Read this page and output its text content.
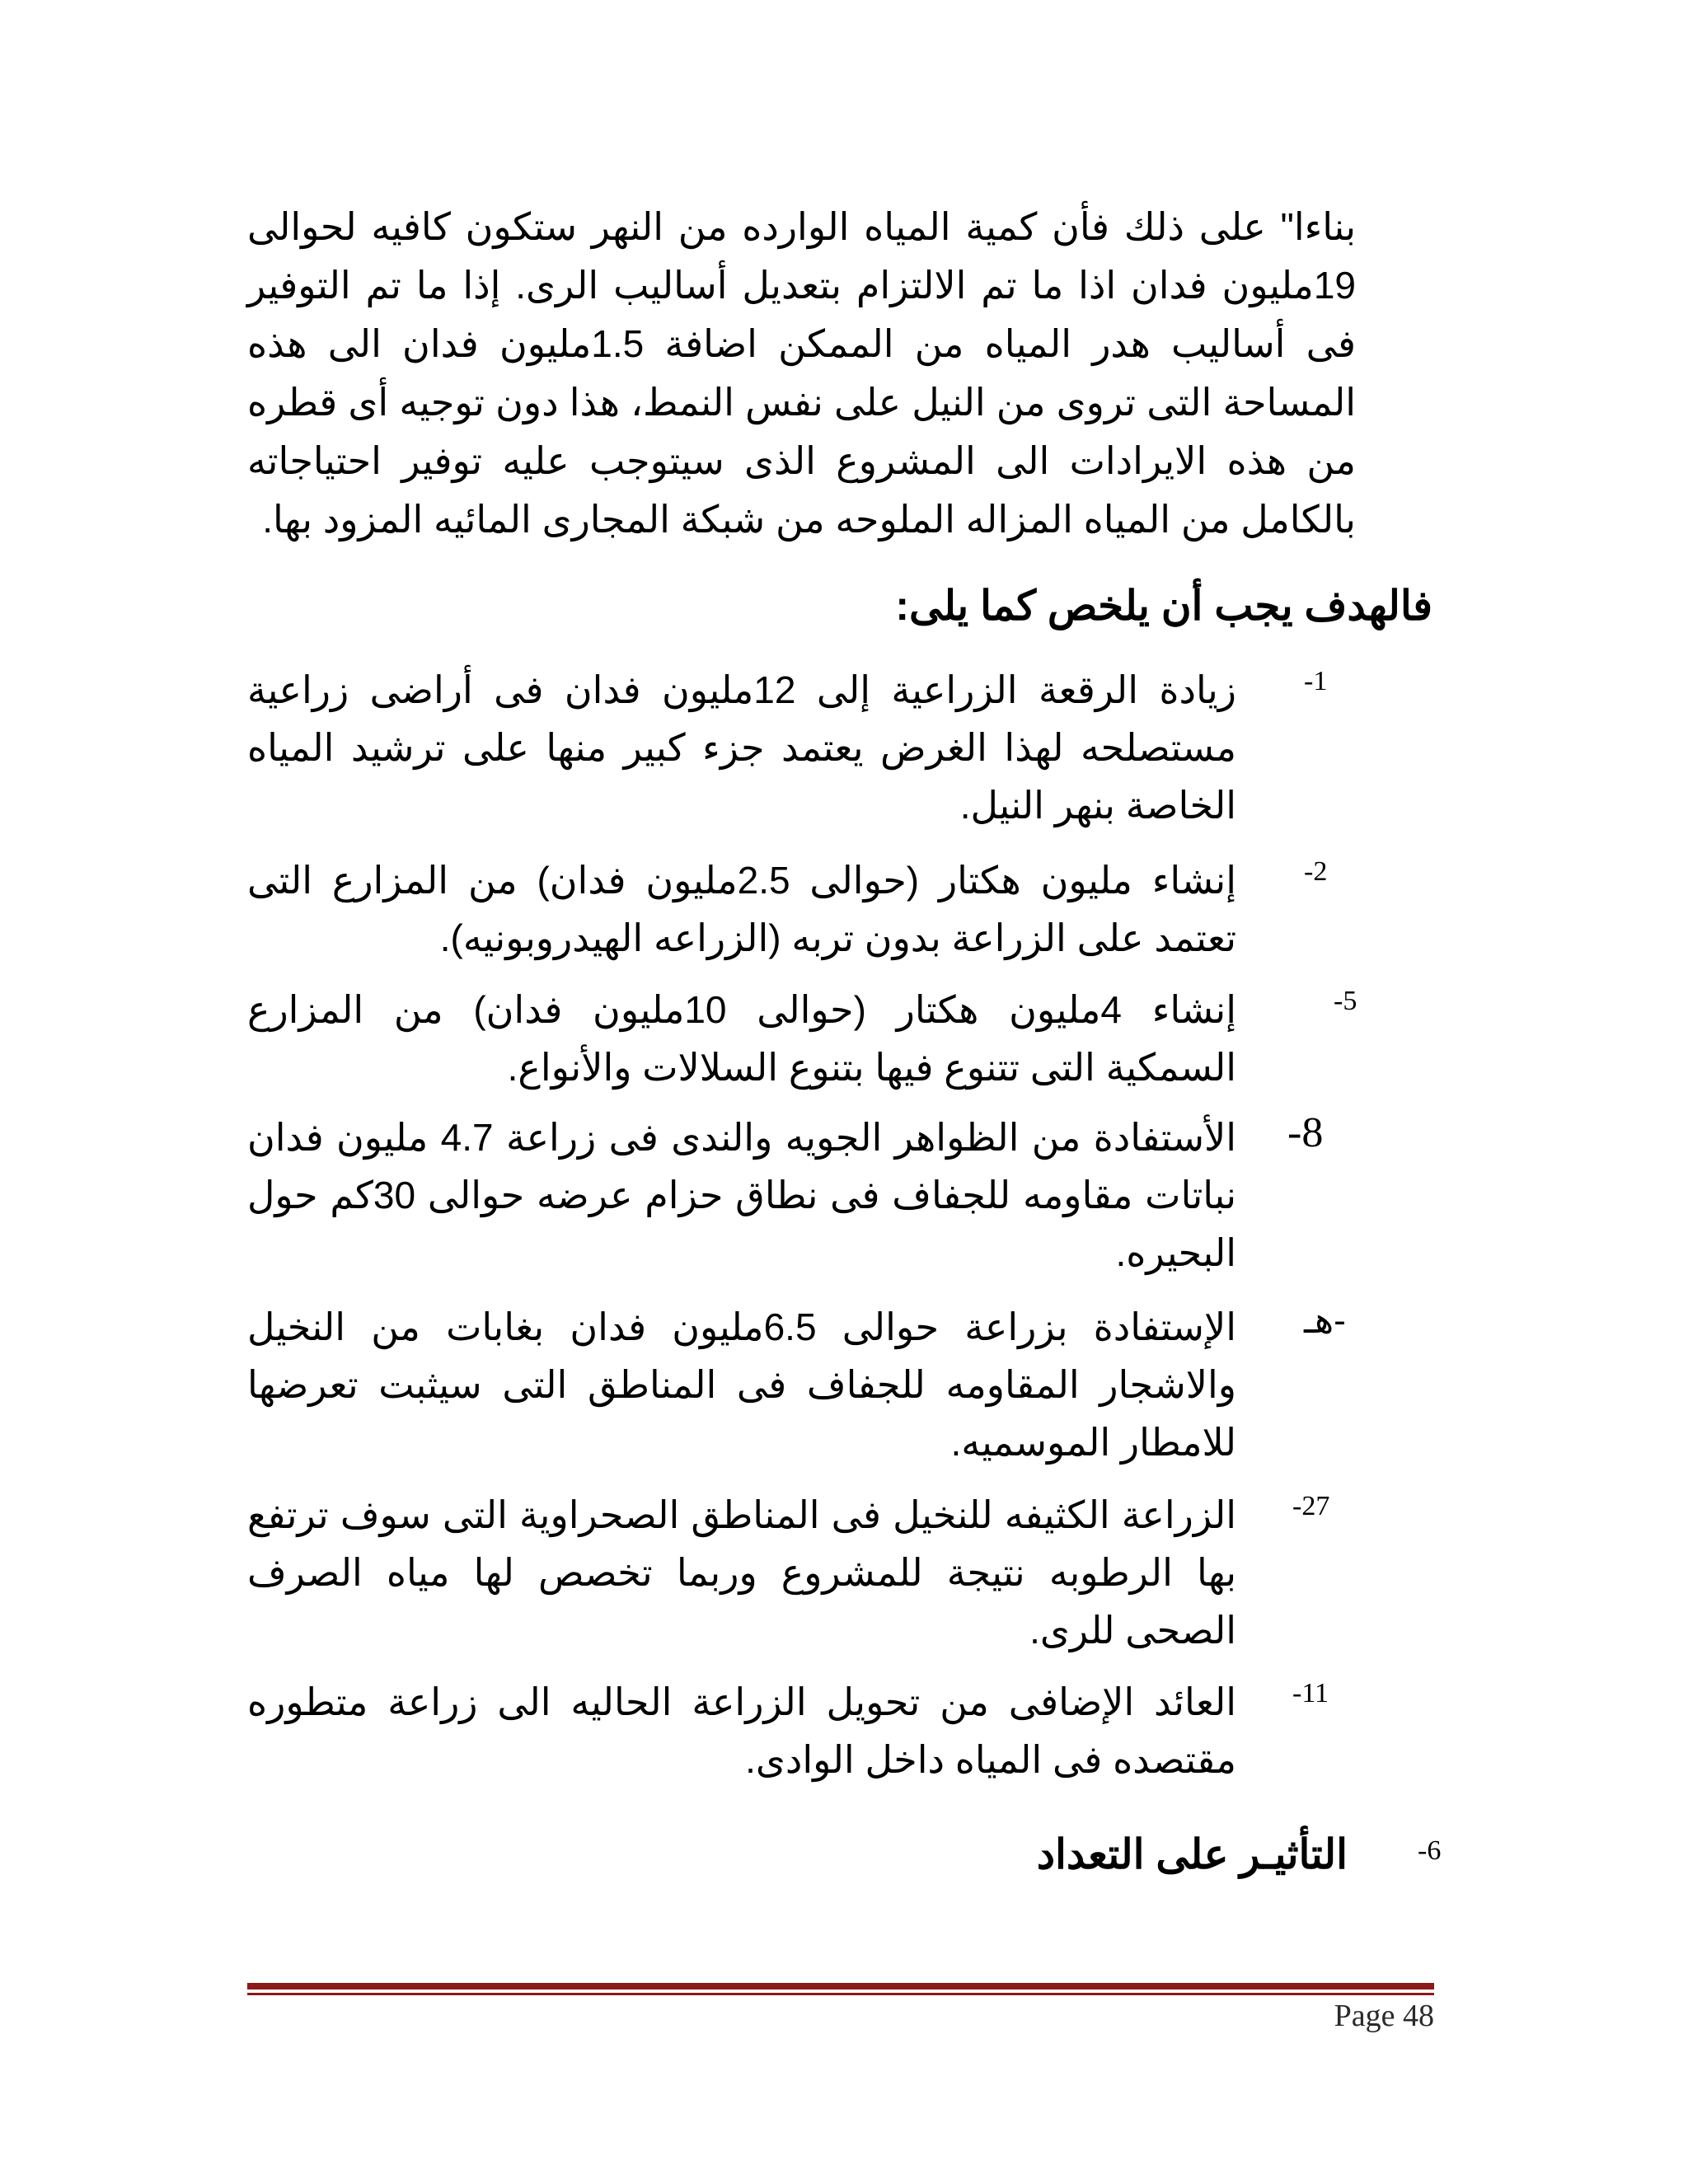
بناءا" على ذلك فأن كمية المياه الوارده من النهر ستكون كافيه لحوالى 19مليون فدان اذا ما تم الالتزام بتعديل أساليب الرى. إذا ما تم التوفير فى أساليب هدر المياه من الممكن اضافة 1.5مليون فدان الى هذه المساحة التى تروى من النيل على نفس النمط، هذا دون توجيه أى قطره من هذه الايرادات الى المشروع الذى سيتوجب عليه توفير احتياجاته بالكامل من المياه المزاله الملوحه من شبكة المجارى المائيه المزود بها.

فالهدف يجب أن يلخص كما يلى:
-1

زيادة الرقعة الزراعية إلى 12مليون فدان فى أراضى زراعية مستصلحه لهذا الغرض يعتمد جزء كبير منها على ترشيد المياه الخاصة بنهر النيل.

-2

إنشاء مليون هكتار (حوالى 2.5مليون فدان) من المزارع التى تعتمد على الزراعة بدون تربه (الزراعه الهيدروبونيه).

-5

إنشاء 4مليون هكتار (حوالى 10مليون فدان) من المزارع السمكية التى تتنوع فيها بتنوع السلالات والأنواع.

-8

الأستفادة من الظواهر الجويه والندى فى زراعة 4.7 مليون فدان نباتات مقاومه للجفاف فى نطاق حزام عرضه حوالى 30كم حول البحيره.

هـ-

الإستفادة بزراعة حوالى 6.5مليون فدان بغابات من النخيل والاشجار المقاومه للجفاف فى المناطق التى سيثبت تعرضها للامطار الموسميه.

-27

الزراعة الكثيفه للنخيل فى المناطق الصحراوية التى سوف ترتفع بها الرطوبه نتيجة للمشروع وربما تخصص لها مياه الصرف الصحى للرى.

-11

العائد الإضافى من تحويل الزراعة الحاليه الى زراعة متطوره مقتصده فى المياه داخل الوادى.

-6
التأثيـر على التعداد
Page 48
